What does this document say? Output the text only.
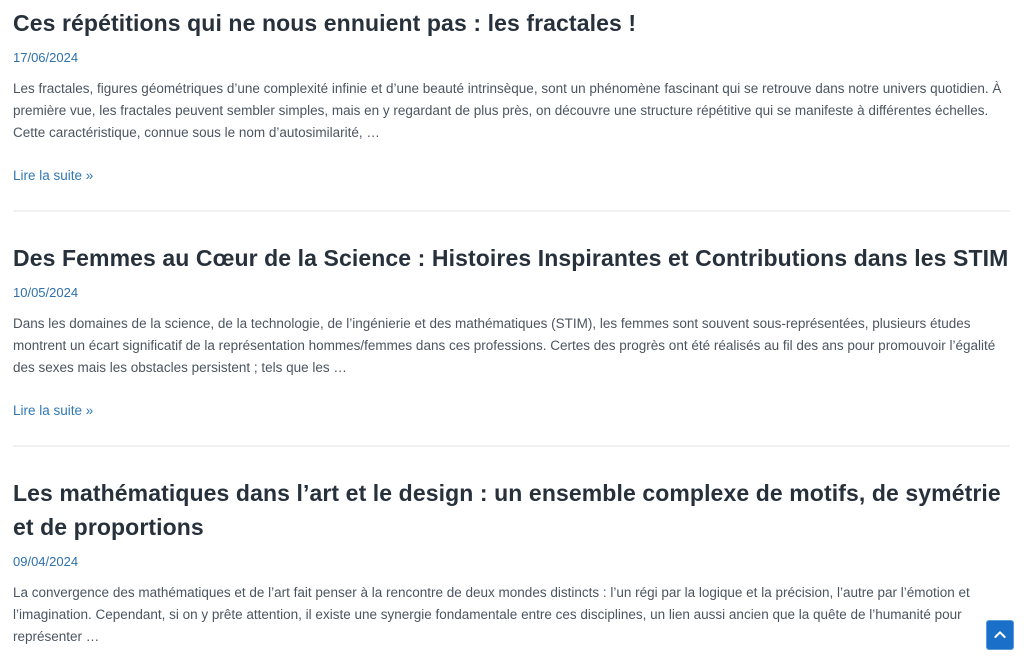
Ces répétitions qui ne nous ennuient pas : les fractales !
17/06/2024

Les fractales, figures géométriques d’une complexité infinie et d’une beauté intrinsèque, sont un phénomène fascinant qui se retrouve dans notre univers quotidien. À première vue, les fractales peuvent sembler simples, mais en y regardant de plus près, on découvre une structure répétitive qui se manifeste à différentes échelles. Cette caractéristique, connue sous le nom d’autosimilarité, …

Lire la suite »
Des Femmes au Cœur de la Science : Histoires Inspirantes et Contributions dans les STIM
10/05/2024

Dans les domaines de la science, de la technologie, de l’ingénierie et des mathématiques (STIM), les femmes sont souvent sous-représentées, plusieurs études montrent un écart significatif de la représentation hommes/femmes dans ces professions. Certes des progrès ont été réalisés au fil des ans pour promouvoir l’égalité des sexes mais les obstacles persistent ; tels que les …

Lire la suite »
Les mathématiques dans l’art et le design : un ensemble complexe de motifs, de symétrie et de proportions
09/04/2024

La convergence des mathématiques et de l’art fait penser à la rencontre de deux mondes distincts : l’un régi par la logique et la précision, l’autre par l’émotion et l’imagination. Cependant, si on y prête attention, il existe une synergie fondamentale entre ces disciplines, un lien aussi ancien que la quête de l’humanité pour représenter …
